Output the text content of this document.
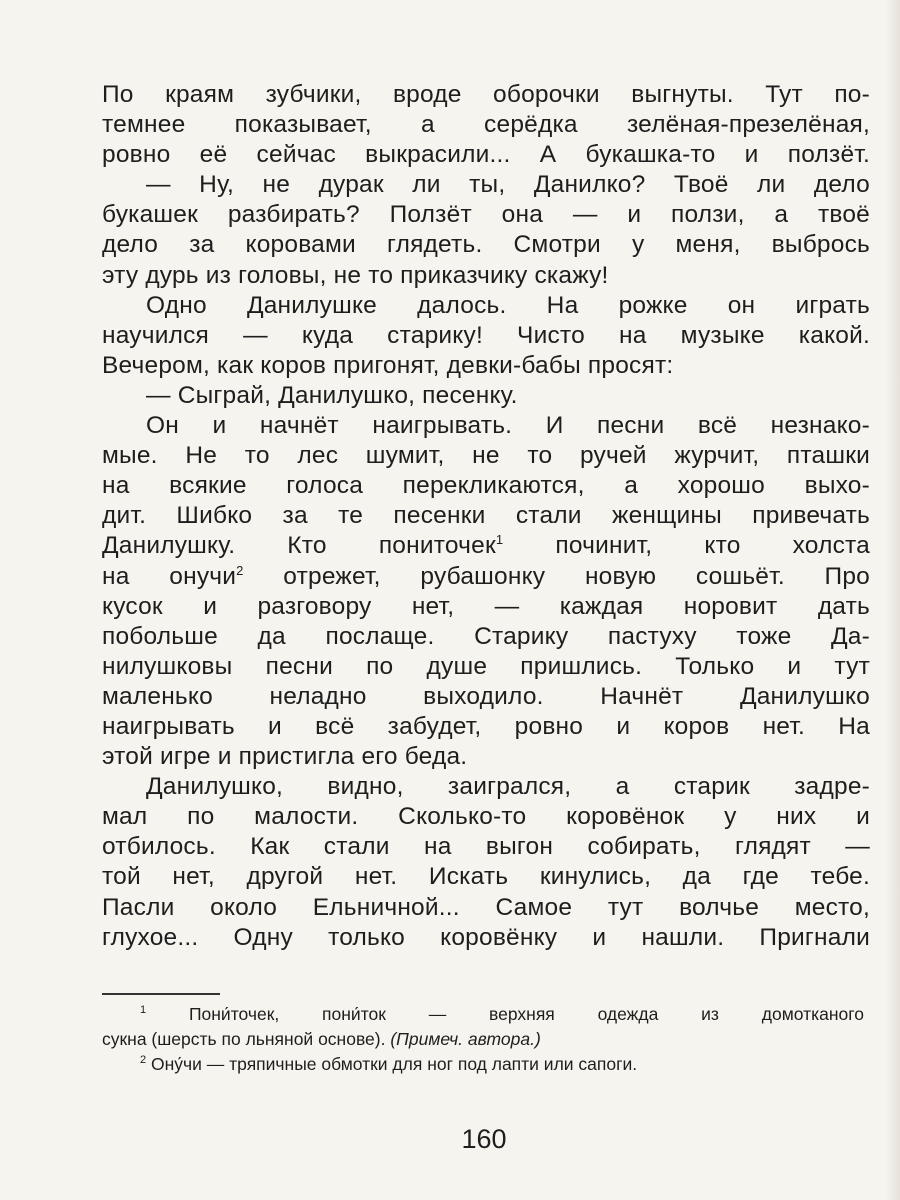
По краям зубчики, вроде оборочки выгнуты. Тут по-
темнее показывает, а серёдка зелёная-презелёная,
ровно её сейчас выкрасили... А букашка-то и ползёт.
— Ну, не дурак ли ты, Данилко? Твоё ли дело
букашек разбирать? Ползёт она — и ползи, а твоё
дело за коровами глядеть. Смотри у меня, выбрось
эту дурь из головы, не то приказчику скажу!
Одно Данилушке далось. На рожке он играть
научился — куда старику! Чисто на музыке какой.
Вечером, как коров пригонят, девки-бабы просят:
— Сыграй, Данилушко, песенку.
Он и начнёт наигрывать. И песни всё незнако-
мые. Не то лес шумит, не то ручей журчит, пташки
на всякие голоса перекликаются, а хорошо выхо-
дит. Шибко за те песенки стали женщины привечать
Данилушку. Кто пониточек$^1$ починит, кто холста
на онучи$^2$ отрежет, рубашонку новую сошьёт. Про
кусок и разговору нет, — каждая норовит дать
побольше да послаще. Старику пастуху тоже Да-
нилушковы песни по душе пришлись. Только и тут
маленько неладно выходило. Начнёт Данилушко
наигрывать и всё забудет, ровно и коров нет. На
этой игре и пристигла его беда.
Данилушко, видно, заигрался, а старик задре-
мал по малости. Сколько-то коровёнок у них и
отбилось. Как стали на выгон собирать, глядят —
той нет, другой нет. Искать кинулись, да где тебе.
Пасли около Ельничной... Самое тут волчье место,
глухое... Одну только коровёнку и нашли. Пригнали
$^1$ Пони́точек, пони́ток — верхняя одежда из домотканого
сукна (шерсть по льняной основе). (Примеч. автора.)
$^2$ Ону́чи — тряпичные обмотки для ног под лапти или сапоги.
160
